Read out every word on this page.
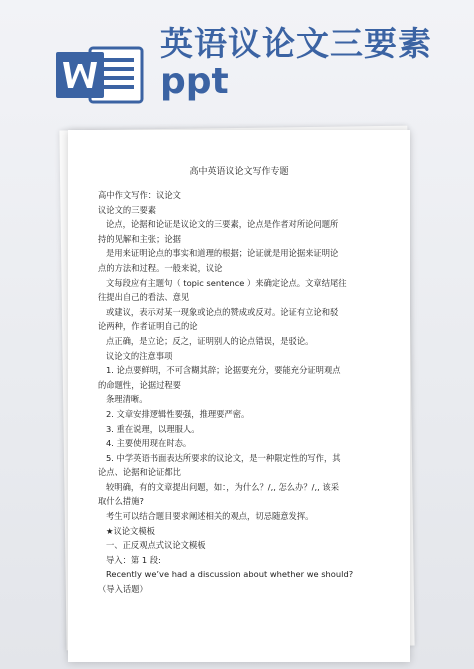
英语议论文三要素
ppt
高中英语议论文写作专题
高中作文写作：议论文
议论文的三要素
论点，论据和论证是议论文的三要素，论点是作者对所论问题所
持的见解和主张；论据
是用来证明论点的事实和道理的根据；论证就是用论据来证明论
点的方法和过程。一般来说，议论
文每段应有主题句（ topic sentence ）来确定论点。文章结尾往
往提出自己的看法、意见
或建议，表示对某一现象或论点的赞成或反对。论证有立论和驳
论两种，作者证明自己的论
点正确，是立论；反之，证明别人的论点错误，是驳论。
议论文的注意事项
1. 论点要鲜明，不可含糊其辞；论据要充分，要能充分证明观点
的命题性，论据过程要
条理清晰。
2. 文章安排逻辑性要强，推理要严密。
3. 重在说理，以理服人。
4. 主要使用现在时态。
5. 中学英语书面表达所要求的议论文，是一种限定性的写作，其
论点、论据和论证都比
较明确，有的文章提出问题，如：，为什么？/,, 怎么办？/,, 该采
取什么措施?
考生可以结合题目要求阐述相关的观点，切忌随意发挥。
★议论文模板
一、正反观点式议论文模板
导入：第 1 段:
Recently we’ve had a discussion about whether we should?
（导入话题）
